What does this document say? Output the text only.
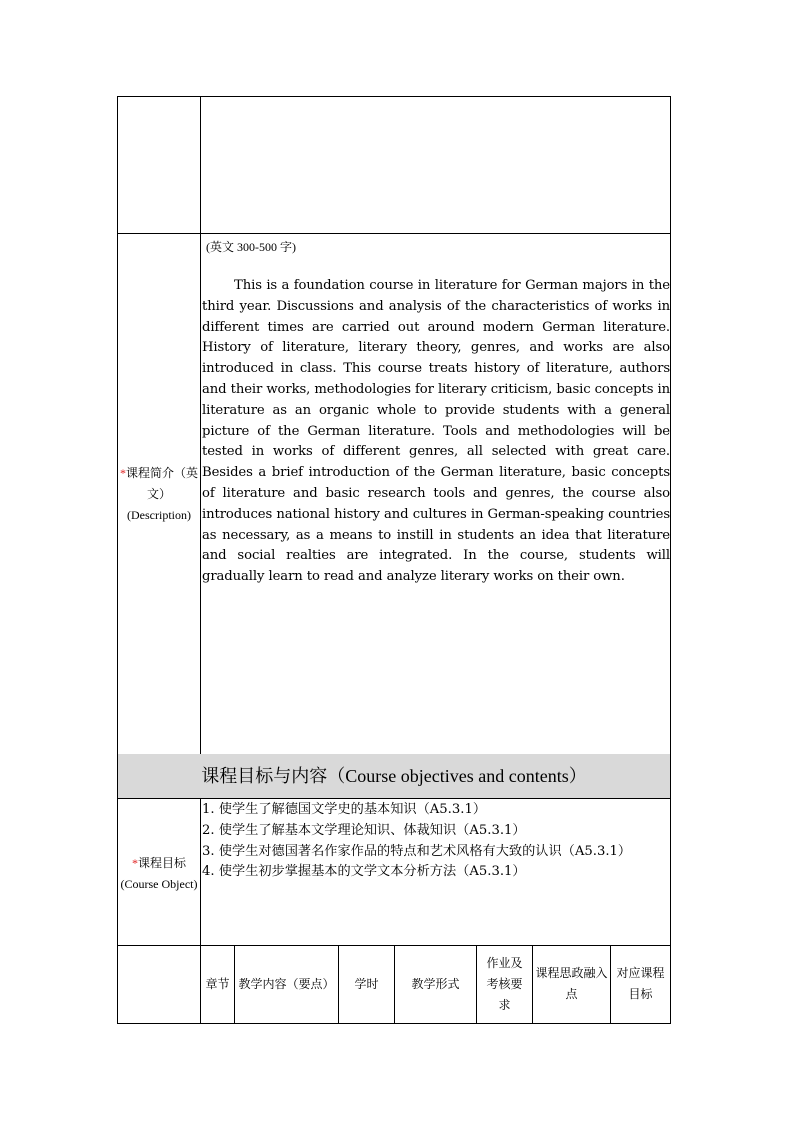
*课程简介（英文）
(Description)
(英文 300-500 字)

This is a foundation course in literature for German majors in the third year. Discussions and analysis of the characteristics of works in different times are carried out around modern German literature. History of literature, literary theory, genres, and works are also introduced in class. This course treats history of literature, authors and their works, methodologies for literary criticism, basic concepts in literature as an organic whole to provide students with a general picture of the German literature. Tools and methodologies will be tested in works of different genres, all selected with great care. Besides a brief introduction of the German literature, basic concepts of literature and basic research tools and genres, the course also introduces national history and cultures in German-speaking countries as necessary, as a means to instill in students an idea that literature and social realties are integrated. In the course, students will gradually learn to read and analyze literary works on their own.

课程目标与内容（Course objectives and contents）
*课程目标
(Course Object)
1. 使学生了解德国文学史的基本知识（A5.3.1）
2. 使学生了解基本文学理论知识、体裁知识（A5.3.1）
3. 使学生对德国著名作家作品的特点和艺术风格有大致的认识（A5.3.1）
4. 使学生初步掌握基本的文学文本分析方法（A5.3.1）
章节 教学内容（要点）	学时	教学形式
作业及考核要求
课程思政融入点
对应课程目标
